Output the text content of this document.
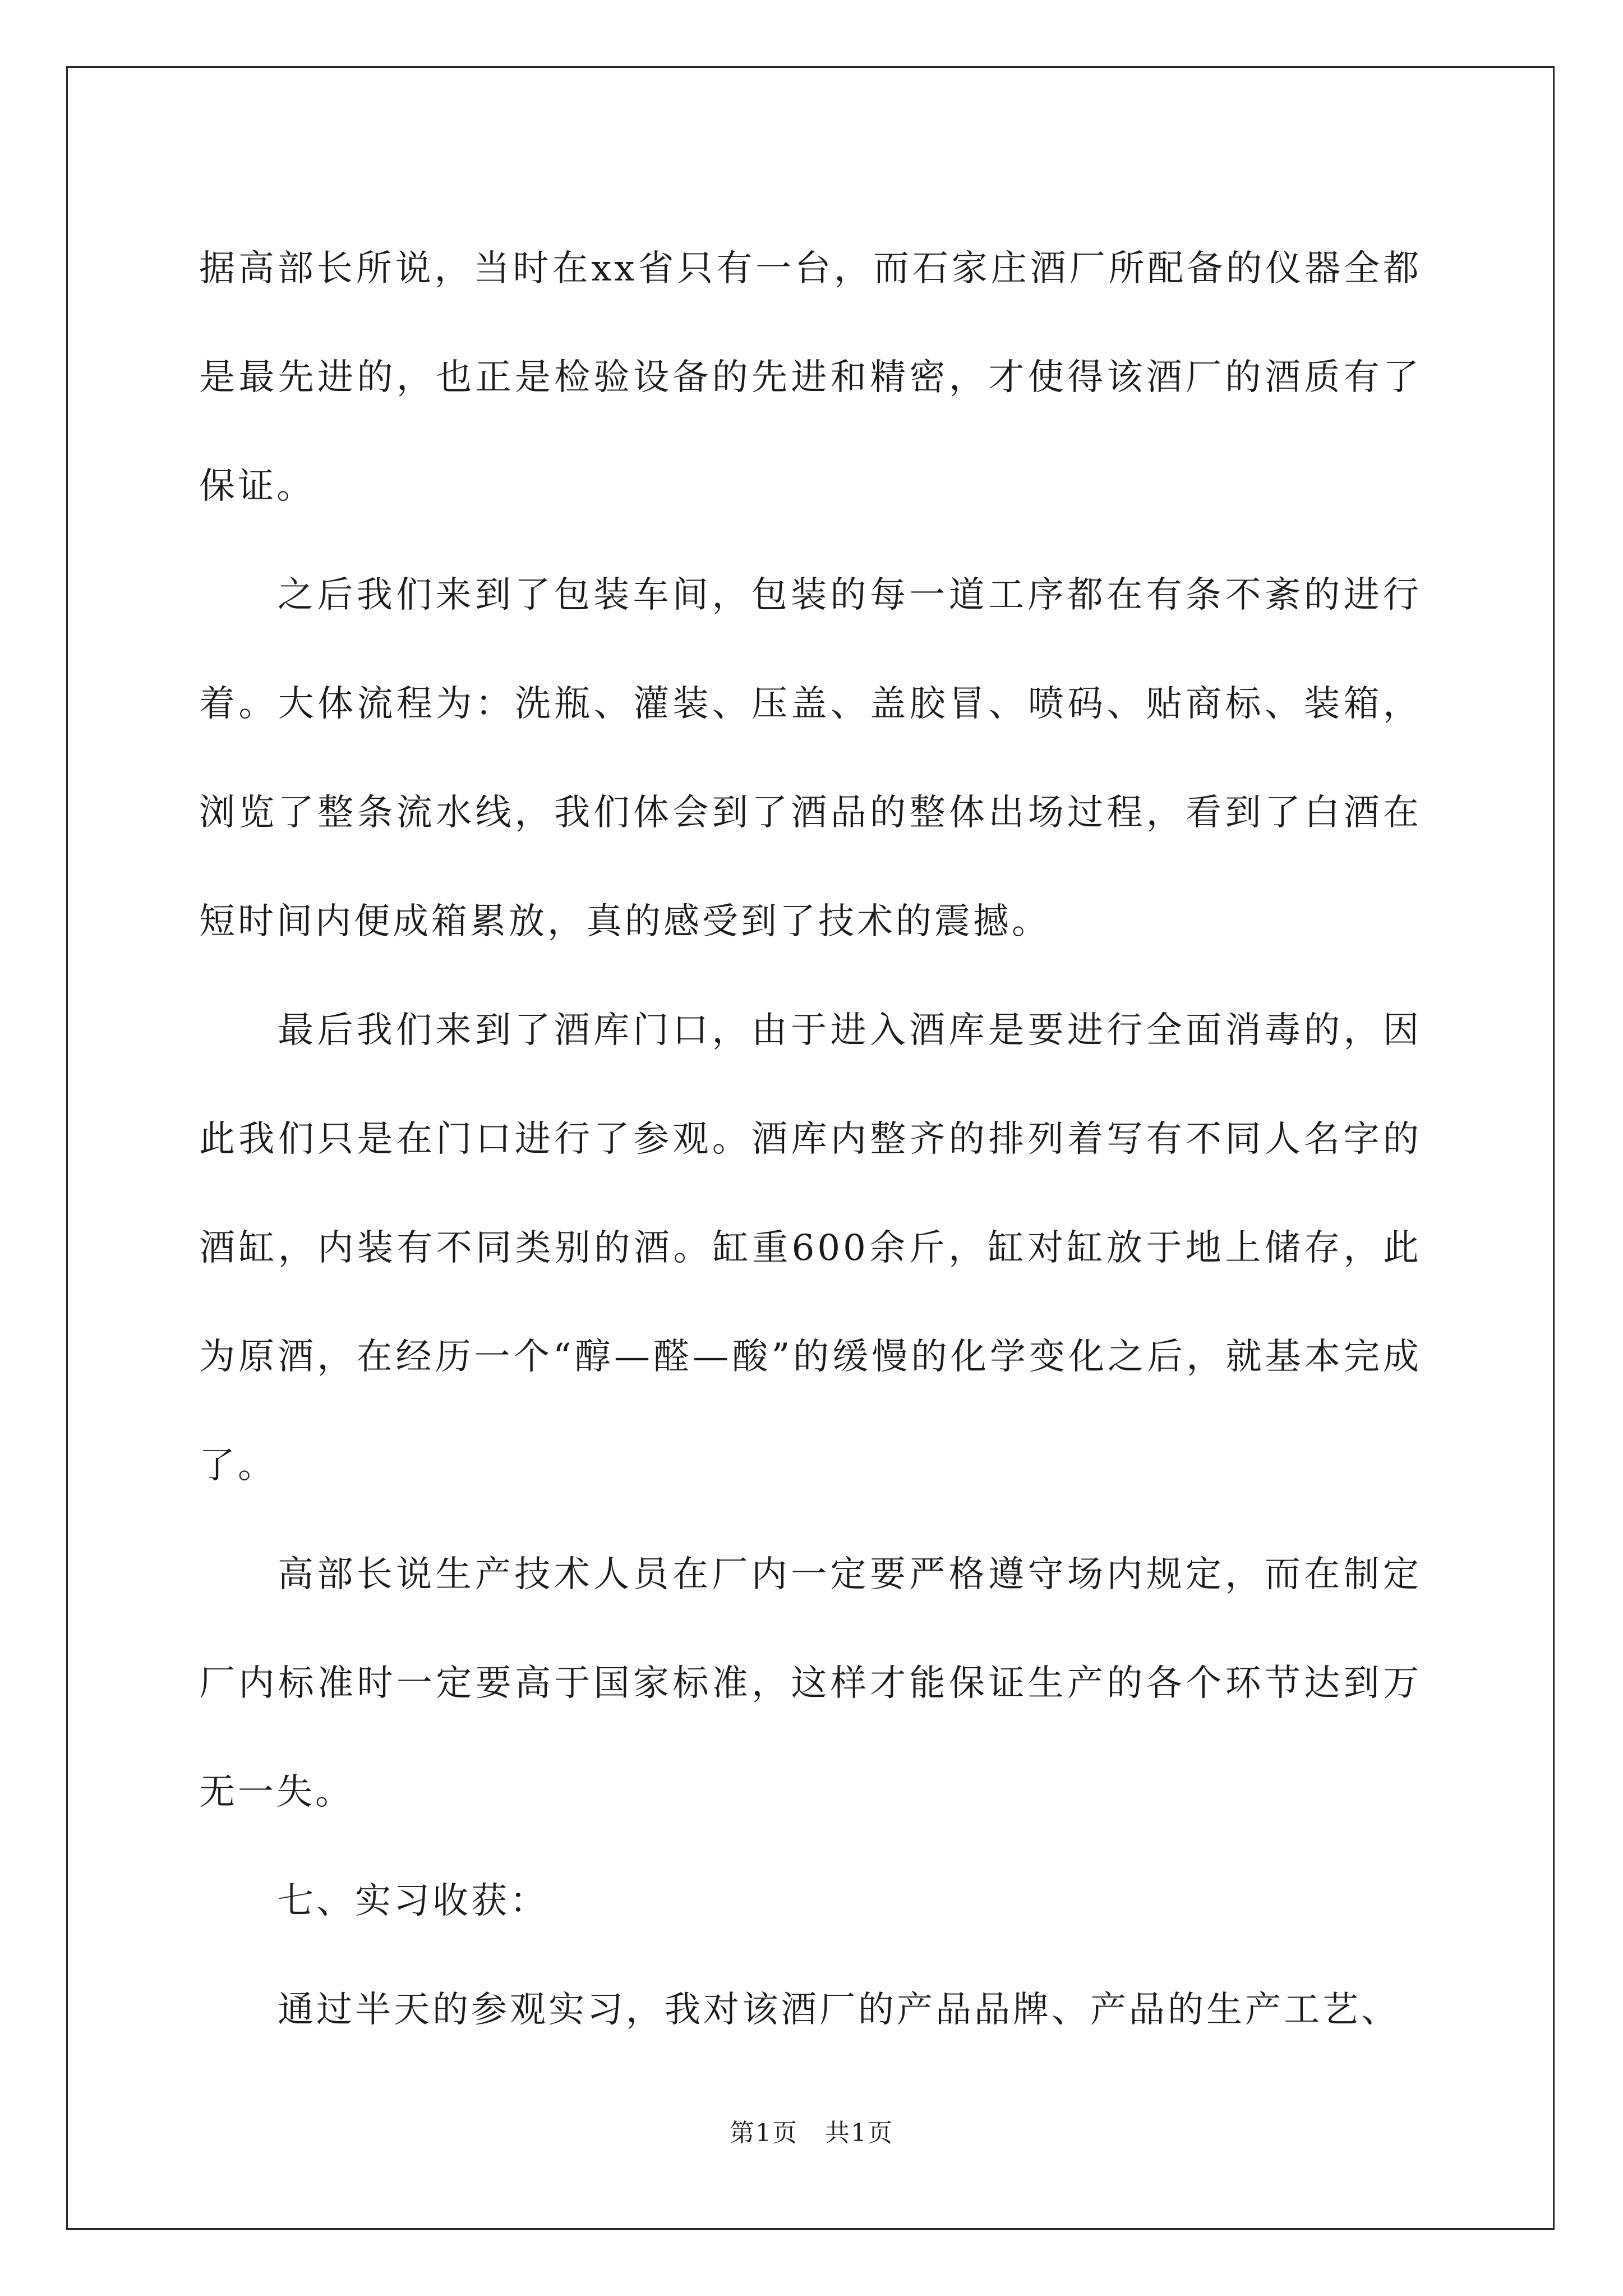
据高部长所说，当时在xx省只有一台，而石家庄酒厂所配备的仪器全都是最先进的，也正是检验设备的先进和精密，才使得该酒厂的酒质有了保证。

之后我们来到了包装车间，包装的每一道工序都在有条不紊的进行着。大体流程为：洗瓶、灌装、压盖、盖胶冒、喷码、贴商标、装箱，浏览了整条流水线，我们体会到了酒品的整体出场过程，看到了白酒在短时间内便成箱累放，真的感受到了技术的震撼。

最后我们来到了酒库门口，由于进入酒库是要进行全面消毒的，因此我们只是在门口进行了参观。酒库内整齐的排列着写有不同人名字的酒缸，内装有不同类别的酒。缸重600余斤，缸对缸放于地上储存，此为原酒，在经历一个“醇—醛—酸”的缓慢的化学变化之后，就基本完成了。

高部长说生产技术人员在厂内一定要严格遵守场内规定，而在制定厂内标准时一定要高于国家标准，这样才能保证生产的各个环节达到万无一失。

七、实习收获：

通过半天的参观实习，我对该酒厂的产品品牌、产品的生产工艺、

第1页   共1页
